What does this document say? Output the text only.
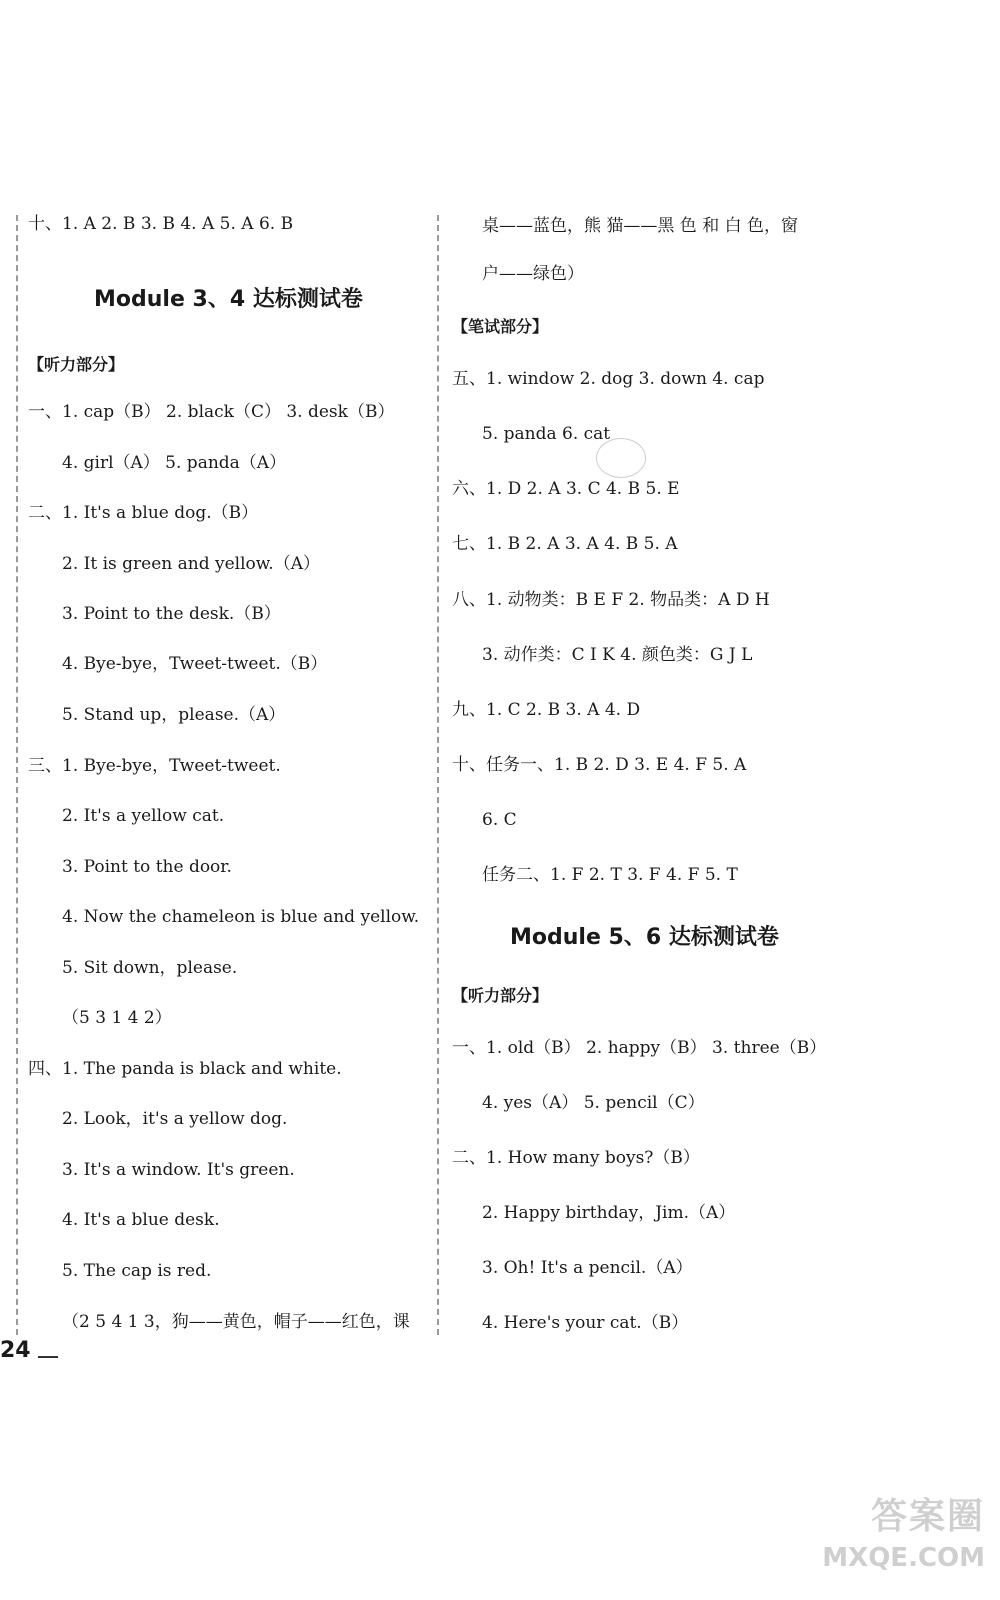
十、1. A 2. B 3. B 4. A 5. A 6. B
Module 3、4 达标测试卷
【听力部分】
一、1. cap（B） 2. black（C） 3. desk（B）
4. girl（A） 5. panda（A）
二、1. It's a blue dog.（B）
2. It is green and yellow.（A）
3. Point to the desk.（B）
4. Bye-bye，Tweet-tweet.（B）
5. Stand up，please.（A）
三、1. Bye-bye，Tweet-tweet.
2. It's a yellow cat.
3. Point to the door.
4. Now the chameleon is blue and yellow.
5. Sit down，please.
（5 3 1 4 2）
四、1. The panda is black and white.
2. Look，it's a yellow dog.
3. It's a window. It's green.
4. It's a blue desk.
5. The cap is red.
（2 5 4 1 3，狗——黄色，帽子——红色，课
24
桌——蓝色，熊 猫——黑 色 和 白 色，窗
户——绿色）
【笔试部分】
五、1. window 2. dog 3. down 4. cap
5. panda 6. cat
六、1. D 2. A 3. C 4. B 5. E
七、1. B 2. A 3. A 4. B 5. A
八、1. 动物类：B E F 2. 物品类：A D H
3. 动作类：C I K 4. 颜色类：G J L
九、1. C 2. B 3. A 4. D
十、任务一、1. B 2. D 3. E 4. F 5. A
6. C
任务二、1. F 2. T 3. F 4. F 5. T
Module 5、6 达标测试卷
【听力部分】
一、1. old（B） 2. happy（B） 3. three（B）
4. yes（A） 5. pencil（C）
二、1. How many boys?（B）
2. Happy birthday，Jim.（A）
3. Oh! It's a pencil.（A）
4. Here's your cat.（B）
答案圈
MXQE.COM
